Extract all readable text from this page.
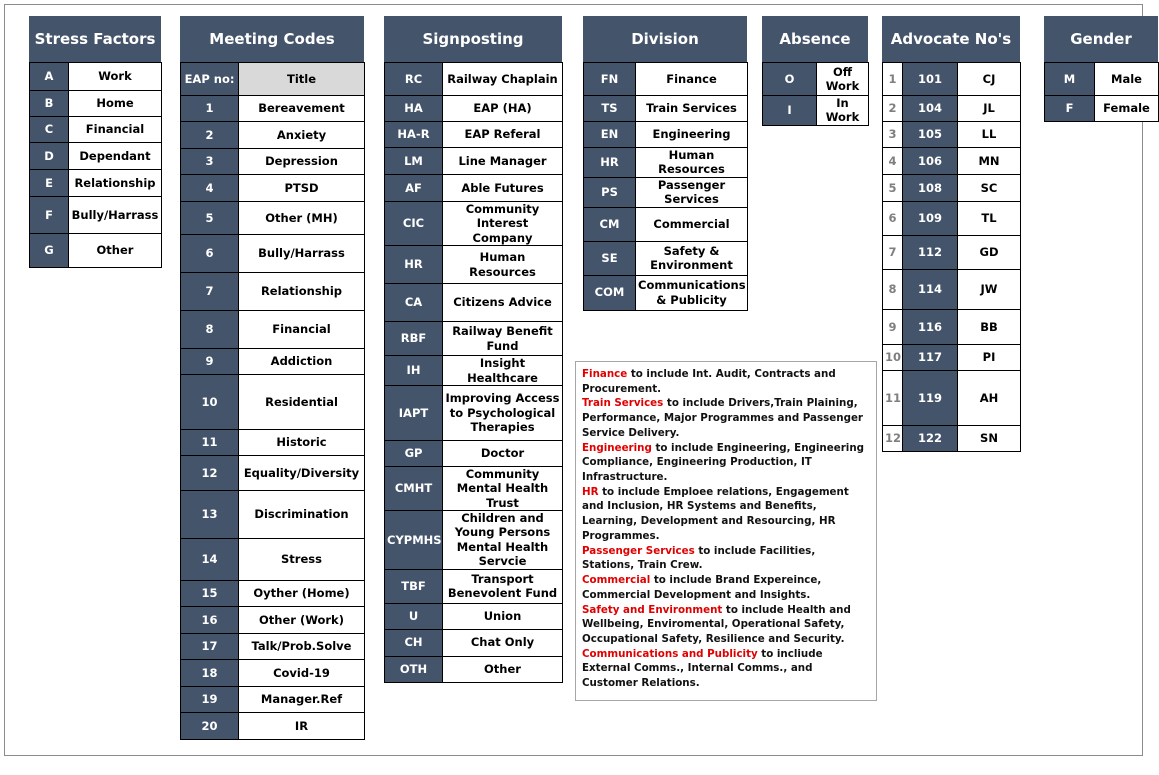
Stress Factors
A	Work
B	Home
C	Financial
D	Dependant
E	Relationship
F	Bully/Harrass
G	Other
Meeting Codes
EAP no:	Title
1	Bereavement
2	Anxiety
3	Depression
4	PTSD
5	Other (MH)
6	Bully/Harrass
7	Relationship
8	Financial
9	Addiction
10	Residential
11	Historic
12	Equality/Diversity
13	Discrimination
14	Stress
15	Oyther (Home)
16	Other (Work)
17	Talk/Prob.Solve
18	Covid-19
19	Manager.Ref
20	IR
Signposting
RC	Railway Chaplain
HA	EAP (HA)
HA-R	EAP Referal
LM	Line Manager
AF	Able Futures
CIC	Community Interest Company
HR	Human Resources
CA	Citizens Advice
RBF	Railway Benefit Fund
IH	Insight Healthcare
IAPT	Improving Access to Psychological Therapies
GP	Doctor
CMHT	Community Mental Health Trust
CYPMHS	Children and Young Persons Mental Health Servcie
TBF	Transport Benevolent Fund
U	Union
CH	Chat Only
OTH	Other
Division
FN	Finance
TS	Train Services
EN	Engineering
HR	Human Resources
PS	Passenger Services
CM	Commercial
SE	Safety & Environment
COM	Communications & Publicity
Absence
O	Off Work
I	In Work
Advocate No's
1	101	CJ
2	104	JL
3	105	LL
4	106	MN
5	108	SC
6	109	TL
7	112	GD
8	114	JW
9	116	BB
10	117	PI
11	119	AH
12	122	SN
Gender
M	Male
F	Female
Finance to include Int. Audit, Contracts and Procurement.
Train Services to include Drivers,Train Plaining, Performance, Major Programmes and Passenger Service Delivery.
Engineering to include Engineering, Engineering Compliance, Engineering Production, IT Infrastructure.
HR to include Emploee relations, Engagement and Inclusion, HR Systems and Benefits, Learning, Development and Resourcing, HR Programmes.
Passenger Services to include Facilities, Stations, Train Crew.
Commercial to include Brand Expereince, Commercial Development and Insights.
Safety and Environment to include Health and Wellbeing, Enviromental, Operational Safety, Occupational Safety, Resilience and Security.
Communications and Publicity to incliude External Comms., Internal Comms., and Customer Relations.
